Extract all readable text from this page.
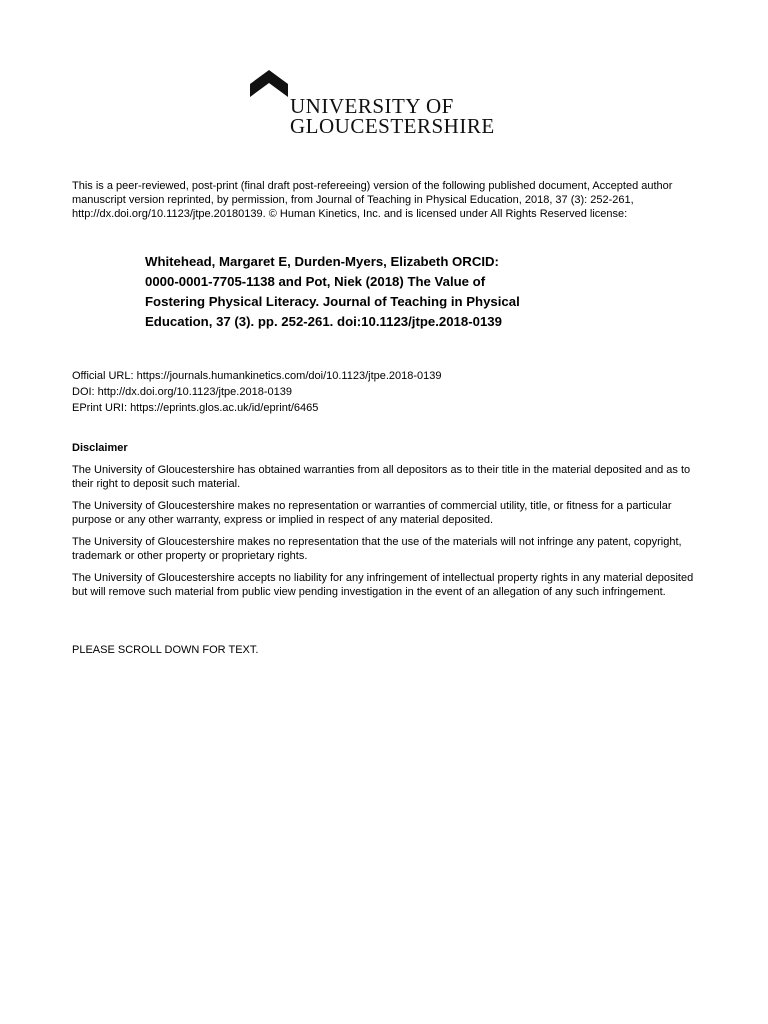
UNIVERSITY OF
GLOUCESTERSHIRE
This is a peer-reviewed, post-print (final draft post-refereeing) version of the following published document, Accepted author manuscript version reprinted, by permission, from Journal of Teaching in Physical Education, 2018, 37 (3): 252-261, http://dx.doi.org/10.1123/jtpe.20180139. © Human Kinetics, Inc. and is licensed under All Rights Reserved license:
Whitehead, Margaret E, Durden-Myers, Elizabeth ORCID: 0000-0001-7705-1138 and Pot, Niek (2018) The Value of Fostering Physical Literacy. Journal of Teaching in Physical Education, 37 (3). pp. 252-261. doi:10.1123/jtpe.2018-0139
Official URL: https://journals.humankinetics.com/doi/10.1123/jtpe.2018-0139
DOI: http://dx.doi.org/10.1123/jtpe.2018-0139
EPrint URI: https://eprints.glos.ac.uk/id/eprint/6465
Disclaimer

The University of Gloucestershire has obtained warranties from all depositors as to their title in the material deposited and as to their right to deposit such material.

The University of Gloucestershire makes no representation or warranties of commercial utility, title, or fitness for a particular purpose or any other warranty, express or implied in respect of any material deposited.

The University of Gloucestershire makes no representation that the use of the materials will not infringe any patent, copyright, trademark or other property or proprietary rights.

The University of Gloucestershire accepts no liability for any infringement of intellectual property rights in any material deposited but will remove such material from public view pending investigation in the event of an allegation of any such infringement.

PLEASE SCROLL DOWN FOR TEXT.
